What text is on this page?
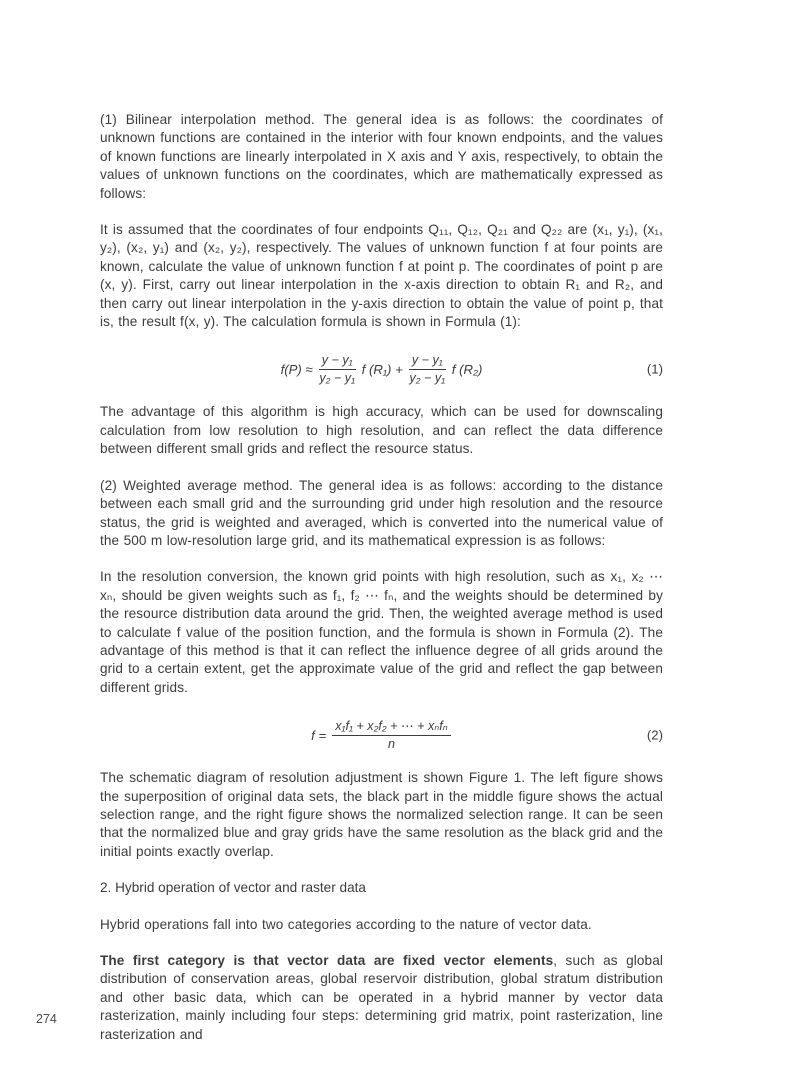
(1) Bilinear interpolation method. The general idea is as follows: the coordinates of unknown functions are contained in the interior with four known endpoints, and the values of known functions are linearly interpolated in X axis and Y axis, respectively, to obtain the values of unknown functions on the coordinates, which are mathematically expressed as follows:

It is assumed that the coordinates of four endpoints Q₁₁, Q₁₂, Q₂₁ and Q₂₂ are (x₁, y₁), (x₁, y₂), (x₂, y₁) and (x₂, y₂), respectively. The values of unknown function f at four points are known, calculate the value of unknown function f at point p. The coordinates of point p are (x, y). First, carry out linear interpolation in the x-axis direction to obtain R₁ and R₂, and then carry out linear interpolation in the y-axis direction to obtain the value of point p, that is, the result f(x, y). The calculation formula is shown in Formula (1):

$f(P) \approx \frac{\text{y − y₁}}{\text{y₂ − y₁}}$ f $(R_1) + \frac{\text{y − y₁}}{\text{y₂ − y₁}}$ f (R₂)	(1)

The advantage of this algorithm is high accuracy, which can be used for downscaling calculation from low resolution to high resolution, and can reflect the data difference between different small grids and reflect the resource status.

(2) Weighted average method. The general idea is as follows: according to the distance between each small grid and the surrounding grid under high resolution and the resource status, the grid is weighted and averaged, which is converted into the numerical value of the 500 m low-resolution large grid, and its mathematical expression is as follows:

In the resolution conversion, the known grid points with high resolution, such as x₁, x₂ ⋯ xₙ, should be given weights such as f₁, f₂ ⋯ fₙ, and the weights should be determined by the resource distribution data around the grid. Then, the weighted average method is used to calculate f value of the position function, and the formula is shown in Formula (2). The advantage of this method is that it can reflect the influence degree of all grids around the grid to a certain extent, get the approximate value of the grid and reflect the gap between different grids.

$f = \frac{\text{x₁f₁ + x₂f₂ + ⋯ + xₙfₙ}}{n}$	(2)

The schematic diagram of resolution adjustment is shown Figure 1. The left figure shows the superposition of original data sets, the black part in the middle figure shows the actual selection range, and the right figure shows the normalized selection range. It can be seen that the normalized blue and gray grids have the same resolution as the black grid and the initial points exactly overlap.

2. Hybrid operation of vector and raster data

Hybrid operations fall into two categories according to the nature of vector data.

The first category is that vector data are fixed vector elements, such as global distribution of conservation areas, global reservoir distribution, global stratum distribution and other basic data, which can be operated in a hybrid manner by vector data rasterization, mainly including four steps: determining grid matrix, point rasterization, line rasterization and

274
